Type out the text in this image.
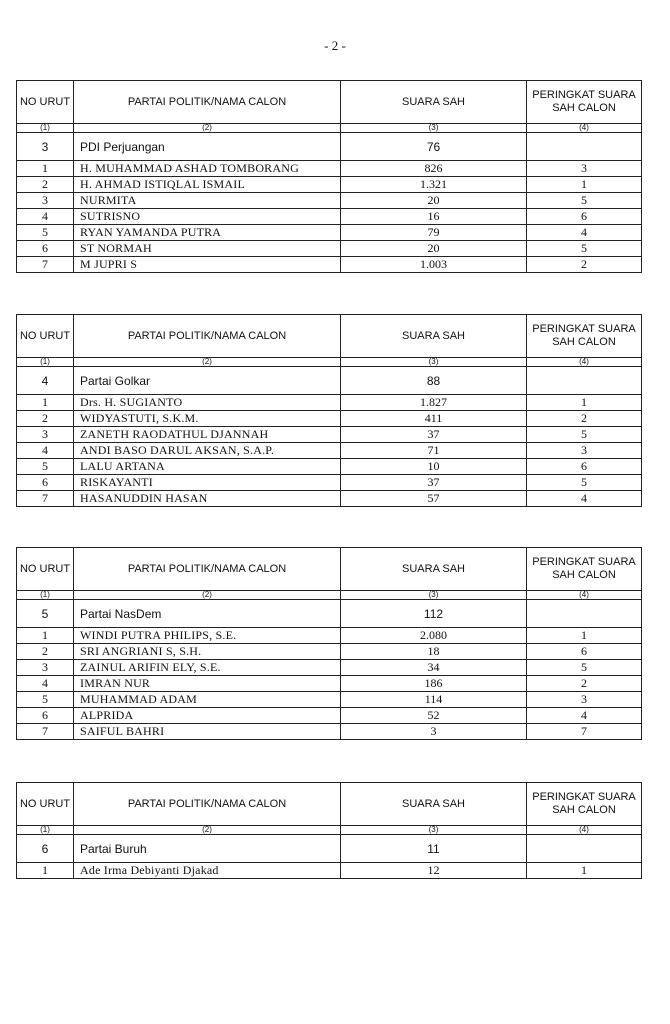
- 2 -
NO URUT	PARTAI POLITIK/NAMA CALON	SUARA SAH	PERINGKAT SUARA SAH CALON
(1)	(2)	(3)	(4)
3	PDI Perjuangan	76	
1	H. MUHAMMAD ASHAD TOMBORANG	826	3
2	H. AHMAD ISTIQLAL ISMAIL	1.321	1
3	NURMITA	20	5
4	SUTRISNO	16	6
5	RYAN YAMANDA PUTRA	79	4
6	ST NORMAH	20	5
7	M JUPRI S	1.003	2
NO URUT	PARTAI POLITIK/NAMA CALON	SUARA SAH	PERINGKAT SUARA SAH CALON
(1)	(2)	(3)	(4)
4	Partai Golkar	88	
1	Drs. H. SUGIANTO	1.827	1
2	WIDYASTUTI, S.K.M.	411	2
3	ZANETH RAODATHUL DJANNAH	37	5
4	ANDI BASO DARUL AKSAN, S.A.P.	71	3
5	LALU ARTANA	10	6
6	RISKAYANTI	37	5
7	HASANUDDIN HASAN	57	4
NO URUT	PARTAI POLITIK/NAMA CALON	SUARA SAH	PERINGKAT SUARA SAH CALON
(1)	(2)	(3)	(4)
5	Partai NasDem	112	
1	WINDI PUTRA PHILIPS, S.E.	2.080	1
2	SRI ANGRIANI S, S.H.	18	6
3	ZAINUL ARIFIN ELY, S.E.	34	5
4	IMRAN NUR	186	2
5	MUHAMMAD ADAM	114	3
6	ALPRIDA	52	4
7	SAIFUL BAHRI	3	7
NO URUT	PARTAI POLITIK/NAMA CALON	SUARA SAH	PERINGKAT SUARA SAH CALON
(1)	(2)	(3)	(4)
6	Partai Buruh	11	
1	Ade Irma Debiyanti Djakad	12	1
